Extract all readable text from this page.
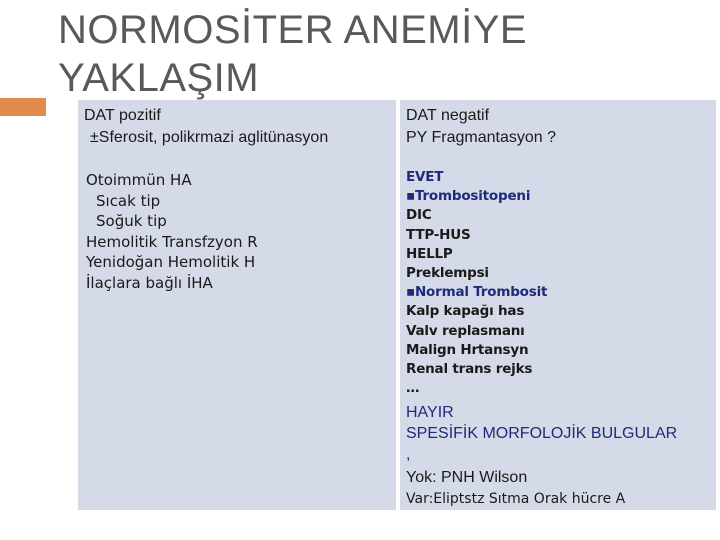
NORMOSİTER ANEMİYE
YAKLAŞIM
DAT pozitif
±Sferosit, polikrmazi aglitünasyon
Otoimmün HA
Sıcak tip
Soğuk tip
Hemolitik Transfzyon R
Yenidoğan Hemolitik H
İlaçlara bağlı İHA
DAT negatif
PY Fragmantasyon ?
EVET
▪Trombositopeni
DIC
TTP-HUS
HELLP
Preklempsi
▪Normal Trombosit
Kalp kapağı has
Valv replasmanı
Malign Hrtansyn
Renal trans rejks
…
HAYIR
SPESİFİK MORFOLOJİK BULGULAR
,
Yok: PNH Wilson
Var:Eliptstz Sıtma Orak hücre A
